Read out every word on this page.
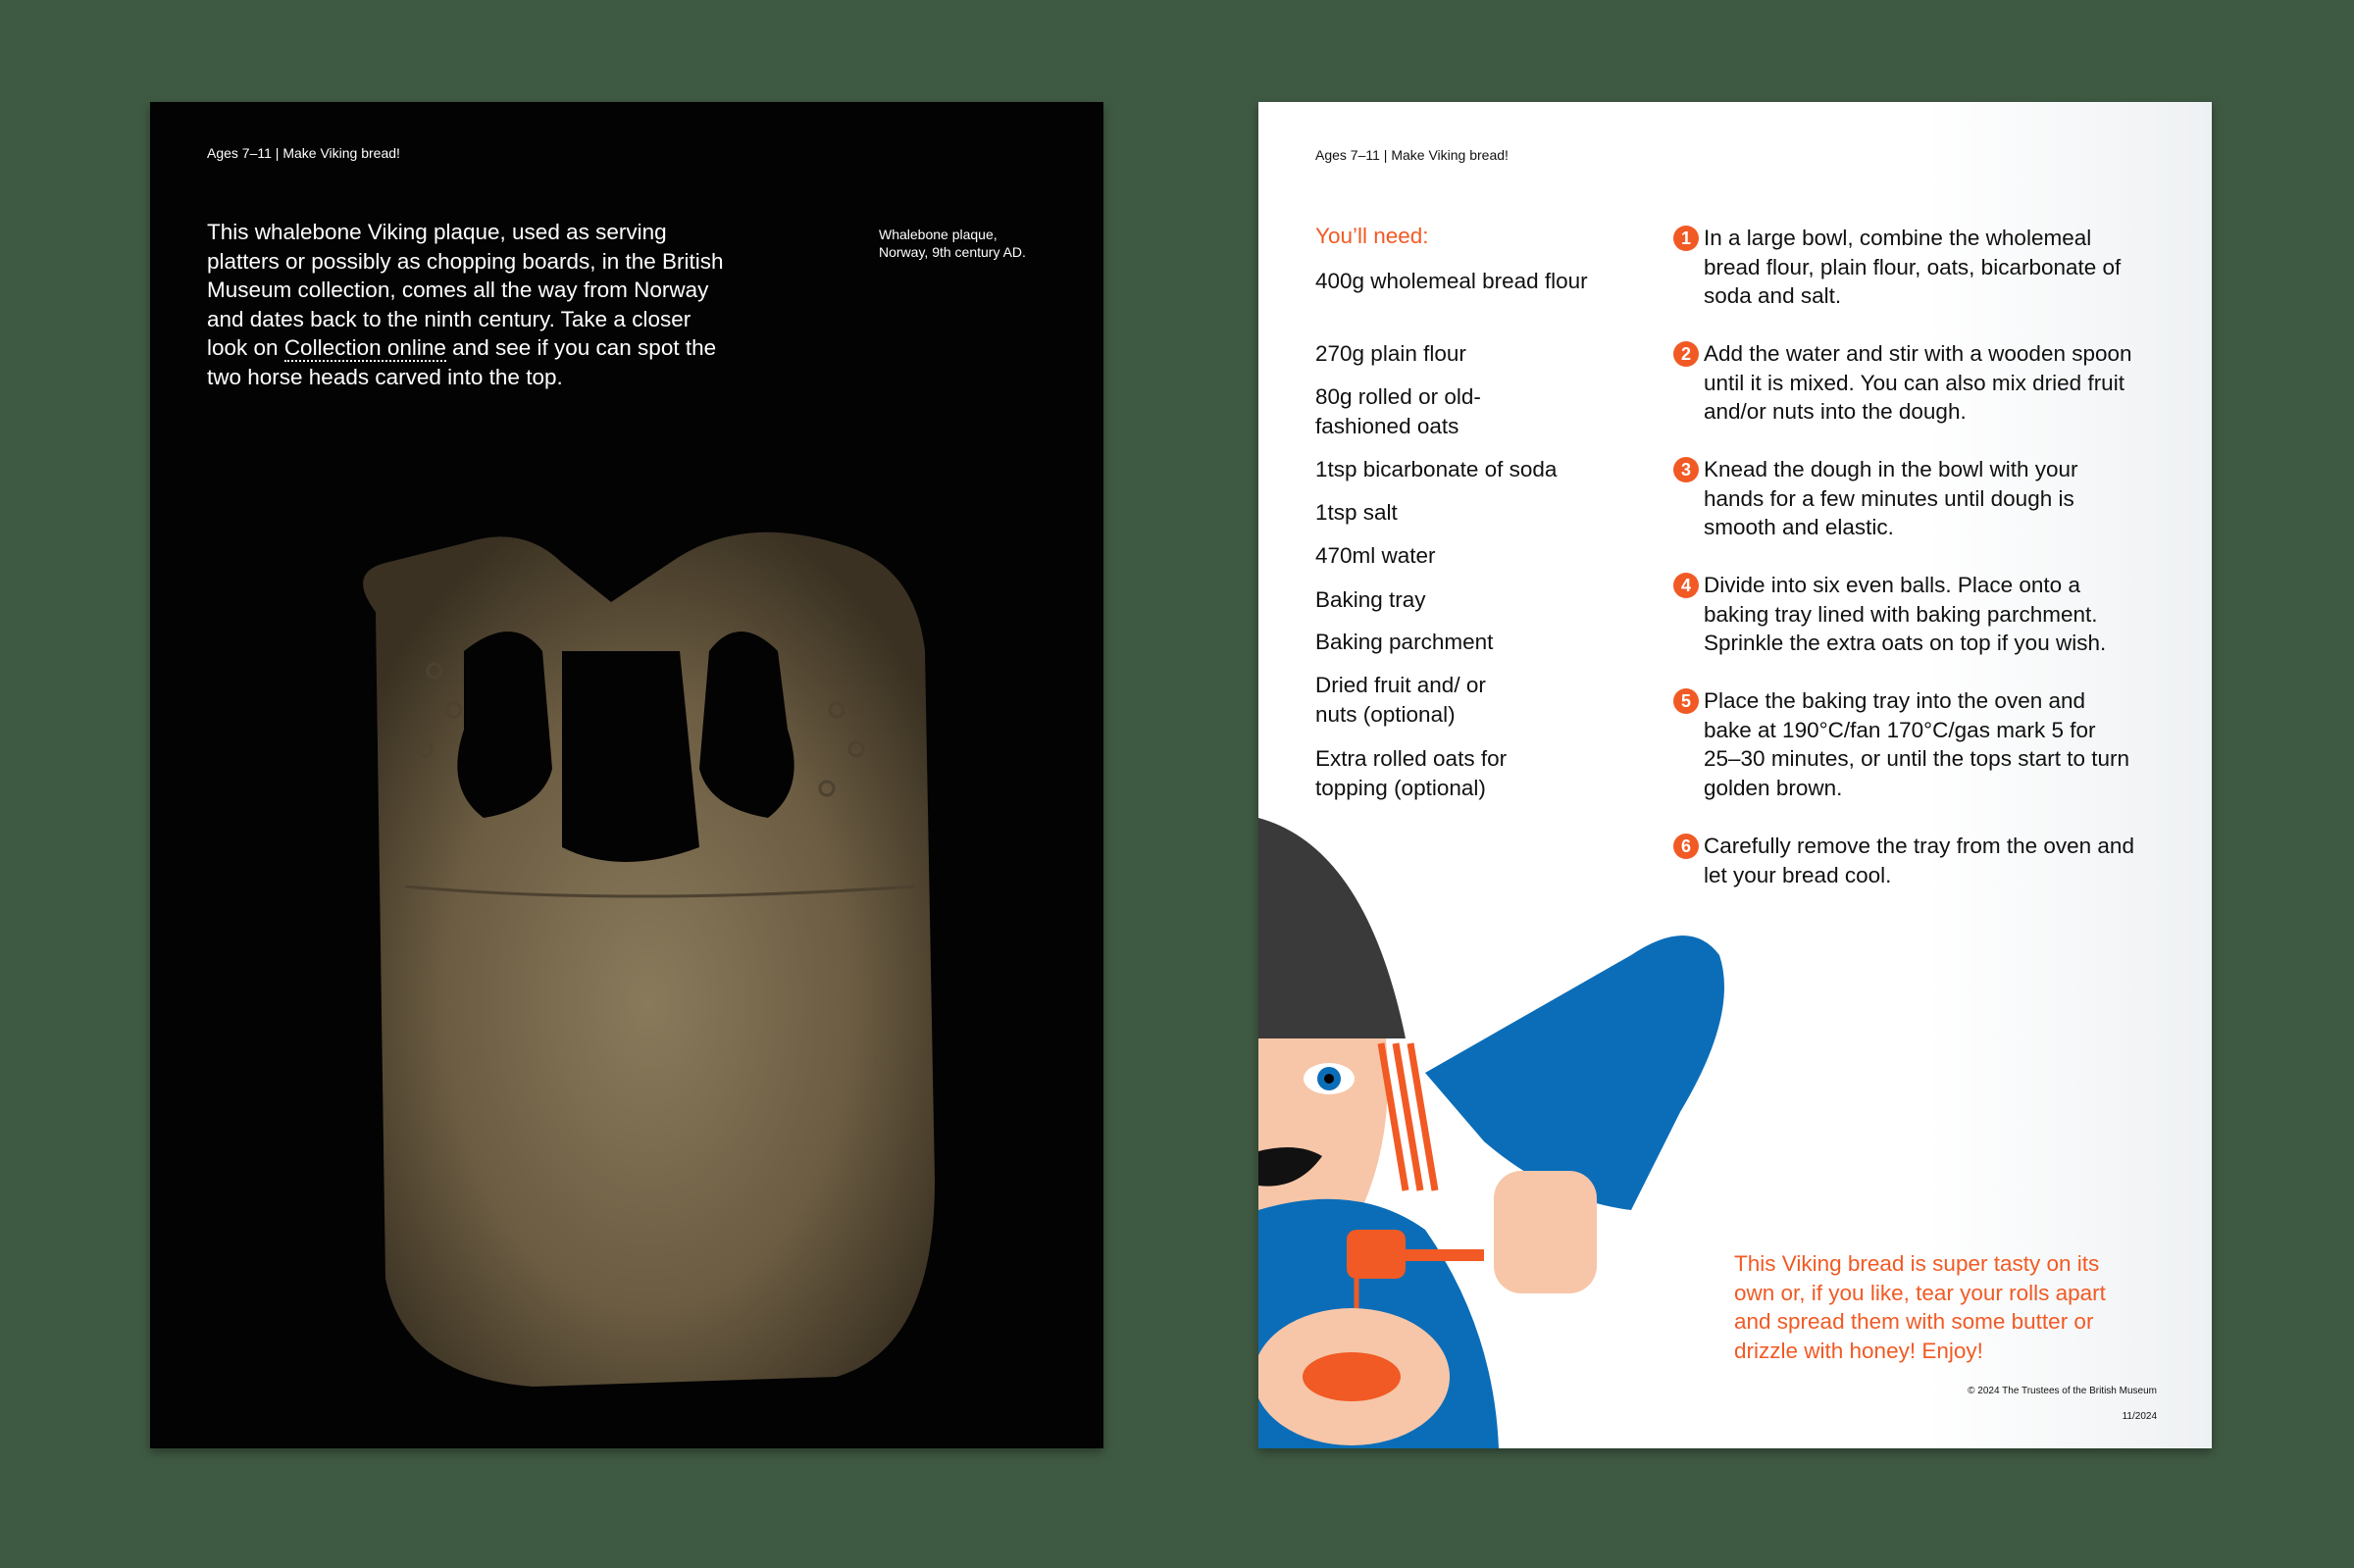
Ages 7–11 | Make Viking bread!
This whalebone Viking plaque, used as serving platters or possibly as chopping boards, in the British Museum collection, comes all the way from Norway and dates back to the ninth century. Take a closer look on Collection online and see if you can spot the two horse heads carved into the top.
Whalebone plaque,
Norway, 9th century AD.
Ages 7–11 | Make Viking bread!
You’ll need:
400g wholemeal bread flour
270g plain flour
80g rolled or old-fashioned oats
1tsp bicarbonate of soda
1tsp salt
470ml water
Baking tray
Baking parchment
Dried fruit and/ or nuts (optional)
Extra rolled oats for topping (optional)
1 In a large bowl, combine the wholemeal bread flour, plain flour, oats, bicarbonate of soda and salt.
2 Add the water and stir with a wooden spoon until it is mixed. You can also mix dried fruit and/or nuts into the dough.
3 Knead the dough in the bowl with your hands for a few minutes until dough is smooth and elastic.
4 Divide into six even balls. Place onto a baking tray lined with baking parchment. Sprinkle the extra oats on top if you wish.
5 Place the baking tray into the oven and bake at 190°C/fan 170°C/gas mark 5 for 25–30 minutes, or until the tops start to turn golden brown.
6 Carefully remove the tray from the oven and let your bread cool.
This Viking bread is super tasty on its own or, if you like, tear your rolls apart and spread them with some butter or drizzle with honey! Enjoy!
© 2024 The Trustees of the British Museum
11/2024
